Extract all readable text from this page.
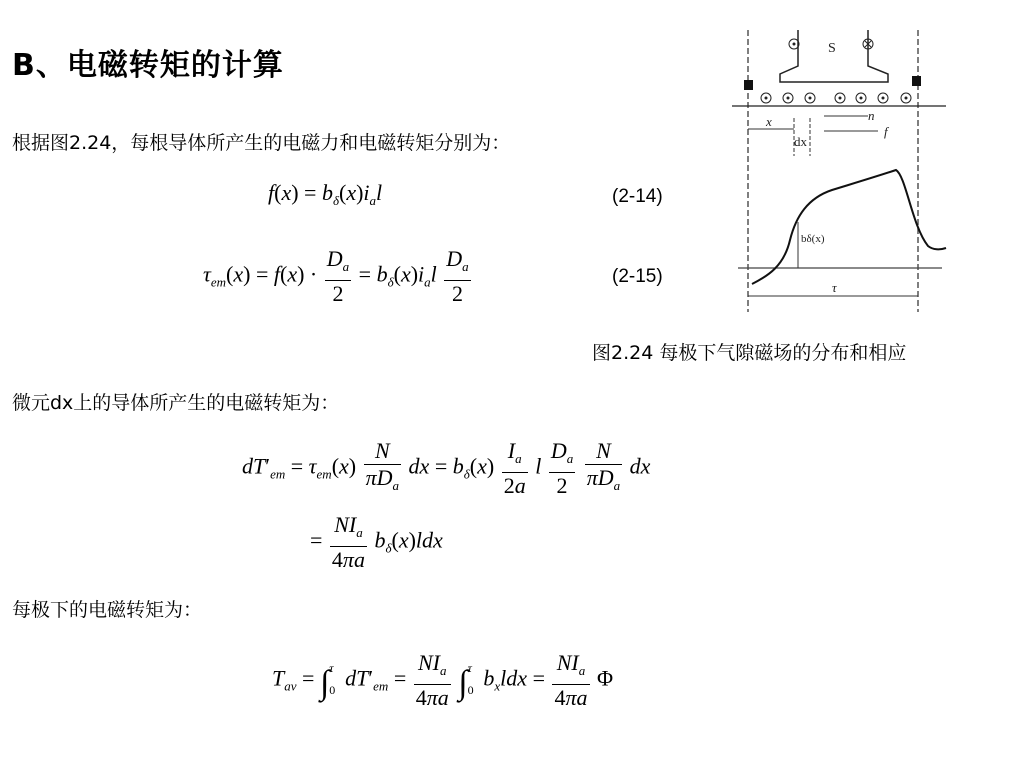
B、电磁转矩的计算
根据图2.24，每根导体所产生的电磁力和电磁转矩分别为：
$f(x) = b_\delta(x)i_al$	(2-14)
$\tau_{em}(x) = f(x) \cdot \frac{D_a}{2} = b_\delta(x)i_al \frac{D_a}{2}$	(2-15)
S
x
dx
n
f
bδ(x)
τ
图2.24 每极下气隙磁场的分布和相应
微元dx上的导体所产生的电磁转矩为：
$dT'_{em} = \tau_{em}(x) \frac{N}{\pi D_a}$ dx = $b_\delta(x) \frac{I_a}{2a}$ l $\frac{D_a}{2}$
$\frac{N}{\pi D_a}$ dx
= $\frac{NI_a}{4\pi a} b_\delta(x)ldx$
每极下的电磁转矩为：
$T_{av} = \int_0^\tau$ $dT'_{em} = \frac{NI_a}{4\pi a} \int_0^\tau$ $b_xldx = \frac{NI_a}{4\pi a}$ Φ
